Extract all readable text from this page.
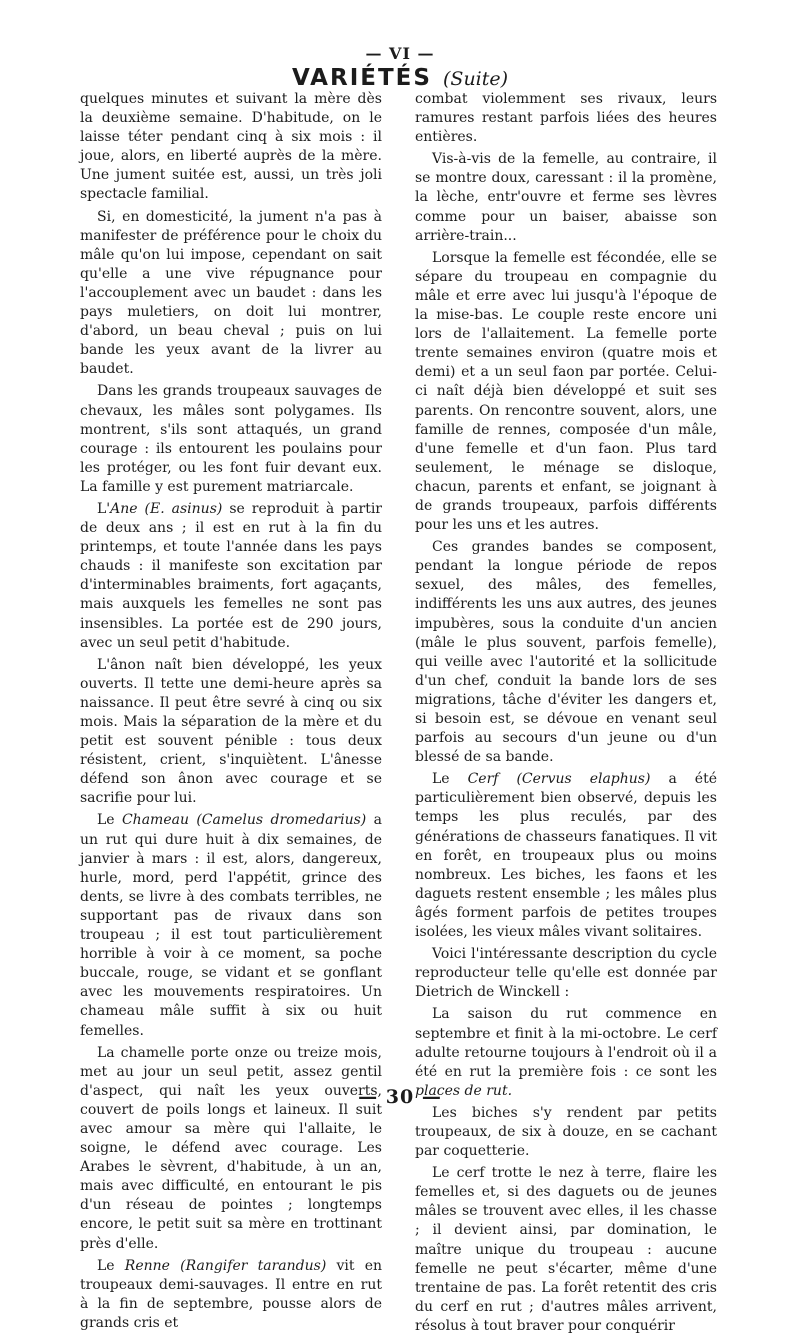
— VI —
VARIÉTÉS (Suite)

quelques minutes et suivant la mère dès la deuxième semaine. D'habitude, on le laisse téter pendant cinq à six mois : il joue, alors, en liberté auprès de la mère. Une jument suitée est, aussi, un très joli spectacle familial.

Si, en domesticité, la jument n'a pas à manifester de préférence pour le choix du mâle qu'on lui impose, cependant on sait qu'elle a une vive répugnance pour l'accouplement avec un baudet : dans les pays muletiers, on doit lui montrer, d'abord, un beau cheval ; puis on lui bande les yeux avant de la livrer au baudet.

Dans les grands troupeaux sauvages de chevaux, les mâles sont polygames. Ils montrent, s'ils sont attaqués, un grand courage : ils entourent les poulains pour les protéger, ou les font fuir devant eux. La famille y est purement matriarcale.

L'Ane (E. asinus) se reproduit à partir de deux ans ; il est en rut à la fin du printemps, et toute l'année dans les pays chauds : il manifeste son excitation par d'interminables braiments, fort agaçants, mais auxquels les femelles ne sont pas insensibles. La portée est de 290 jours, avec un seul petit d'habitude.

L'ânon naît bien développé, les yeux ouverts. Il tette une demi-heure après sa naissance. Il peut être sevré à cinq ou six mois. Mais la séparation de la mère et du petit est souvent pénible : tous deux résistent, crient, s'inquiètent. L'ânesse défend son ânon avec courage et se sacrifie pour lui.

Le Chameau (Camelus dromedarius) a un rut qui dure huit à dix semaines, de janvier à mars : il est, alors, dangereux, hurle, mord, perd l'appétit, grince des dents, se livre à des combats terribles, ne supportant pas de rivaux dans son troupeau ; il est tout particulièrement horrible à voir à ce moment, sa poche buccale, rouge, se vidant et se gonflant avec les mouvements respiratoires. Un chameau mâle suffit à six ou huit femelles.

La chamelle porte onze ou treize mois, met au jour un seul petit, assez gentil d'aspect, qui naît les yeux ouverts, couvert de poils longs et laineux. Il suit avec amour sa mère qui l'allaite, le soigne, le défend avec courage. Les Arabes le sèvrent, d'habitude, à un an, mais avec difficulté, en entourant le pis d'un réseau de pointes ; longtemps encore, le petit suit sa mère en trottinant près d'elle.

Le Renne (Rangifer tarandus) vit en troupeaux demi-sauvages. Il entre en rut à la fin de septembre, pousse alors de grands cris et

combat violemment ses rivaux, leurs ramures restant parfois liées des heures entières.

Vis-à-vis de la femelle, au contraire, il se montre doux, caressant : il la promène, la lèche, entr'ouvre et ferme ses lèvres comme pour un baiser, abaisse son arrière-train...

Lorsque la femelle est fécondée, elle se sépare du troupeau en compagnie du mâle et erre avec lui jusqu'à l'époque de la mise-bas. Le couple reste encore uni lors de l'allaitement. La femelle porte trente semaines environ (quatre mois et demi) et a un seul faon par portée. Celui-ci naît déjà bien développé et suit ses parents. On rencontre souvent, alors, une famille de rennes, composée d'un mâle, d'une femelle et d'un faon. Plus tard seulement, le ménage se disloque, chacun, parents et enfant, se joignant à de grands troupeaux, parfois différents pour les uns et les autres.

Ces grandes bandes se composent, pendant la longue période de repos sexuel, des mâles, des femelles, indifférents les uns aux autres, des jeunes impubères, sous la conduite d'un ancien (mâle le plus souvent, parfois femelle), qui veille avec l'autorité et la sollicitude d'un chef, conduit la bande lors de ses migrations, tâche d'éviter les dangers et, si besoin est, se dévoue en venant seul parfois au secours d'un jeune ou d'un blessé de sa bande.

Le Cerf (Cervus elaphus) a été particulièrement bien observé, depuis les temps les plus reculés, par des générations de chasseurs fanatiques. Il vit en forêt, en troupeaux plus ou moins nombreux. Les biches, les faons et les daguets restent ensemble ; les mâles plus âgés forment parfois de petites troupes isolées, les vieux mâles vivant solitaires.

Voici l'intéressante description du cycle reproducteur telle qu'elle est donnée par Dietrich de Winckell :

La saison du rut commence en septembre et finit à la mi-octobre. Le cerf adulte retourne toujours à l'endroit où il a été en rut la première fois : ce sont les places de rut.

Les biches s'y rendent par petits troupeaux, de six à douze, en se cachant par coquetterie.

Le cerf trotte le nez à terre, flaire les femelles et, si des daguets ou de jeunes mâles se trouvent avec elles, il les chasse ; il devient ainsi, par domination, le maître unique du troupeau : aucune femelle ne peut s'écarter, même d'une trentaine de pas. La forêt retentit des cris du cerf en rut ; d'autres mâles arrivent, résolus à tout braver pour conquérir

— 30 —
